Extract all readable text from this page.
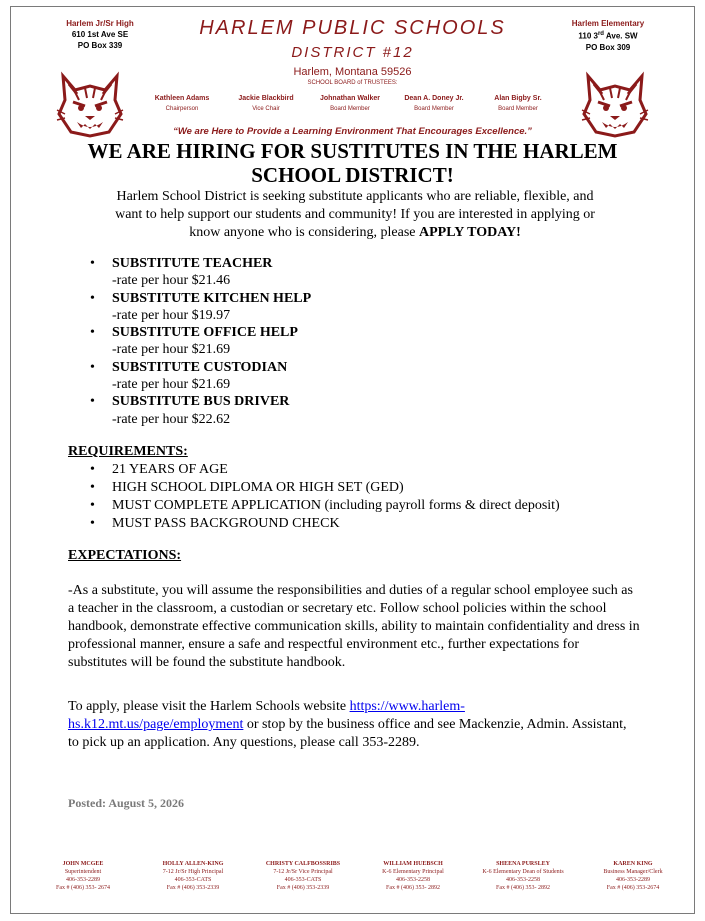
Harlem Jr/Sr High
610 1st Ave SE
PO Box 339
Harlem Elementary
110 3rd Ave. SW
PO Box 309
HARLEM PUBLIC SCHOOLS
DISTRICT #12
Harlem, Montana 59526
SCHOOL BOARD of TRUSTEES:
Kathleen Adams
Chairperson
Jackie Blackbird
Vice Chair
Johnathan Walker
Board Member
Dean A. Doney Jr.
Board Member
Alan Bigby Sr.
Board Member
“We are Here to Provide a Learning Environment That Encourages Excellence.”
WE ARE HIRING FOR SUSTITUTES IN THE HARLEM SCHOOL DISTRICT!
Harlem School District is seeking substitute applicants who are reliable, flexible, and want to help support our students and community! If you are interested in applying or know anyone who is considering, please APPLY TODAY!
• SUBSTITUTE TEACHER
-rate per hour $21.46
• SUBSTITUTE KITCHEN HELP
-rate per hour $19.97
• SUBSTITUTE OFFICE HELP
-rate per hour $21.69
• SUBSTITUTE CUSTODIAN
-rate per hour $21.69
• SUBSTITUTE BUS DRIVER
-rate per hour $22.62
REQUIREMENTS:
• 21 YEARS OF AGE
• HIGH SCHOOL DIPLOMA OR HIGH SET (GED)
• MUST COMPLETE APPLICATION (including payroll forms & direct deposit)
• MUST PASS BACKGROUND CHECK
EXPECTATIONS:
-As a substitute, you will assume the responsibilities and duties of a regular school employee such as a teacher in the classroom, a custodian or secretary etc. Follow school policies within the school handbook, demonstrate effective communication skills, ability to maintain confidentiality and dress in professional manner, ensure a safe and respectful environment etc., further expectations for substitutes will be found the substitute handbook.
To apply, please visit the Harlem Schools website https://www.harlem-hs.k12.mt.us/page/employment or stop by the business office and see Mackenzie, Admin. Assistant, to pick up an application. Any questions, please call 353-2289.
Posted: August 5, 2026
JOHN MCGEE
Superintendent
406-353-2289
Fax # (406) 353- 2674
HOLLY ALLEN-KING
7-12 Jr/Sr High Principal
406-353-CATS
Fax # (406) 353-2339
CHRISTY CALFBOSSRIBS
7-12 Jr/Sr Vice Principal
406-353-CATS
Fax # (406) 353-2339
WILLIAM HUEBSCH
K-6 Elementary Principal
406-353-2258
Fax # (406) 353- 2892
SHEENA PURSLEY
K-6 Elementary Dean of Students
406-353-2258
Fax # (406) 353- 2892
KAREN KING
Business Manager/Clerk
406-353-2289
Fax # (406) 353-2674
